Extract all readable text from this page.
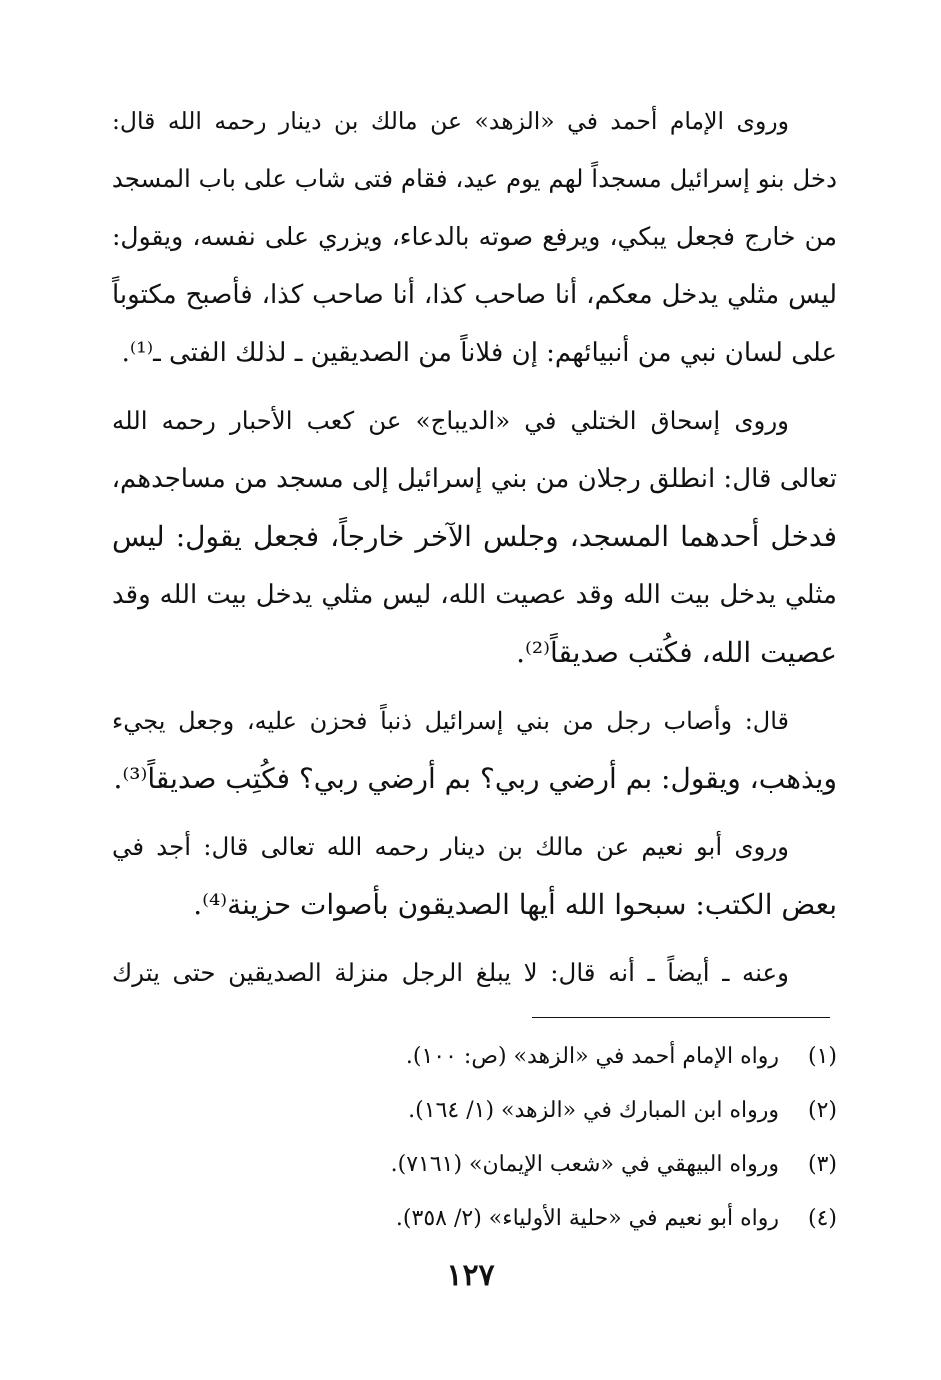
وروى الإمام أحمد في «الزهد» عن مالك بن دينار رحمه الله قال:
دخل بنو إسرائيل مسجداً لهم يوم عيد، فقام فتى شاب على باب المسجد
من خارج فجعل يبكي، ويرفع صوته بالدعاء، ويزري على نفسه، ويقول:
ليس مثلي يدخل معكم، أنا صاحب كذا، أنا صاحب كذا، فأصبح مكتوباً
على لسان نبي من أنبيائهم: إن فلاناً من الصديقين ـ لذلك الفتى ـ⁽¹⁾.
وروى إسحاق الختلي في «الديباج» عن كعب الأحبار رحمه الله
تعالى قال: انطلق رجلان من بني إسرائيل إلى مسجد من مساجدهم،
فدخل أحدهما المسجد، وجلس الآخر خارجاً، فجعل يقول: ليس
مثلي يدخل بيت الله وقد عصيت الله، ليس مثلي يدخل بيت الله وقد
عصيت الله، فكُتب صديقاً⁽²⁾.
قال: وأصاب رجل من بني إسرائيل ذنباً فحزن عليه، وجعل يجيء
ويذهب، ويقول: بم أرضي ربي؟ بم أرضي ربي؟ فكُتِب صديقاً⁽³⁾.
وروى أبو نعيم عن مالك بن دينار رحمه الله تعالى قال: أجد في
بعض الكتب: سبحوا الله أيها الصديقون بأصوات حزينة⁽⁴⁾.
وعنه ـ أيضاً ـ أنه قال: لا يبلغ الرجل منزلة الصديقين حتى يترك
(١)
رواه الإمام أحمد في «الزهد» (ص: ١٠٠).
(٢)
ورواه ابن المبارك في «الزهد» (١/ ١٦٤).
(٣)
ورواه البيهقي في «شعب الإيمان» (٧١٦١).
(٤)
رواه أبو نعيم في «حلية الأولياء» (٢/ ٣٥٨).
١٢٧
